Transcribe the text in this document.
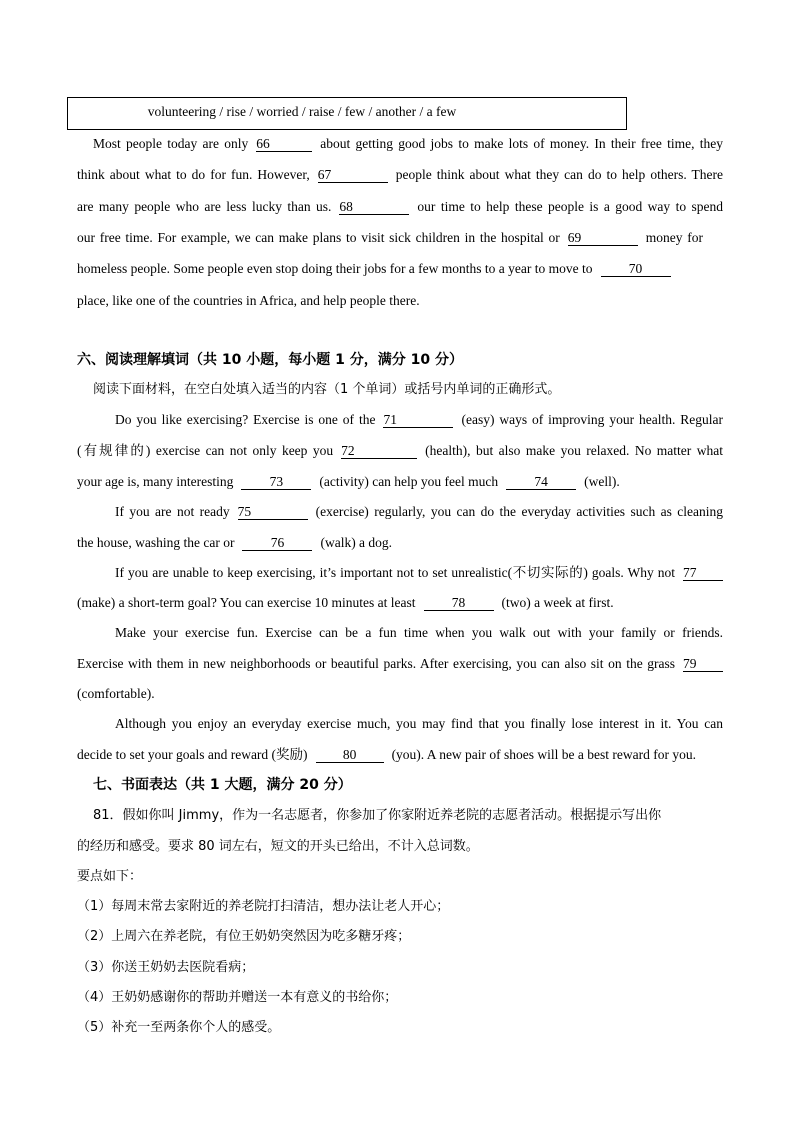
volunteering / rise / worried / raise / few / another / a few
Most people today are only 66	about getting good jobs to make lots of money. In their free time, they
think about what to do for fun. However, 67	people think about what they can do to help others. There
are many people who are less lucky than us. 68	our time to help these people is a good way to spend
our free time. For example, we can make plans to visit sick children in the hospital or 69	money for
homeless people. Some people even stop doing their jobs for a few months to a year to move to	70
place, like one of the countries in Africa, and help people there.
六、阅读理解填词（共 10 小题，每小题 1 分，满分 10 分）
阅读下面材料，在空白处填入适当的内容（1 个单词）或括号内单词的正确形式。
Do you like exercising? Exercise is one of the 71	(easy) ways of improving your health. Regular
(有规律的) exercise can not only keep you 72	(health), but also make you relaxed. No matter what
your age is, many interesting	73	(activity) can help you feel much	74	(well).
If you are not ready 75	(exercise) regularly, you can do the everyday activities such as cleaning
the house, washing the car or	76	(walk) a dog.
If you are unable to keep exercising, it’s important not to set unrealistic(不切实际的) goals. Why not 77
(make) a short-term goal? You can exercise 10 minutes at least	78	(two) a week at first.
Make your exercise fun. Exercise can be a fun time when you walk out with your family or friends.
Exercise with them in new neighborhoods or beautiful parks. After exercising, you can also sit on the grass 79
(comfortable).
Although you enjoy an everyday exercise much, you may find that you finally lose interest in it. You can
decide to set your goals and reward (奖励)	80	(you). A new pair of shoes will be a best reward for you.
七、书面表达（共 1 大题，满分 20 分）
81．假如你叫 Jimmy，作为一名志愿者，你参加了你家附近养老院的志愿者活动。根据提示写出你
的经历和感受。要求 80 词左右，短文的开头已给出，不计入总词数。
要点如下：
（1）每周末常去家附近的养老院打扫清洁，想办法让老人开心；
（2）上周六在养老院，有位王奶奶突然因为吃多糖牙疼；
（3）你送王奶奶去医院看病；
（4）王奶奶感谢你的帮助并赠送一本有意义的书给你；
（5）补充一至两条你个人的感受。
